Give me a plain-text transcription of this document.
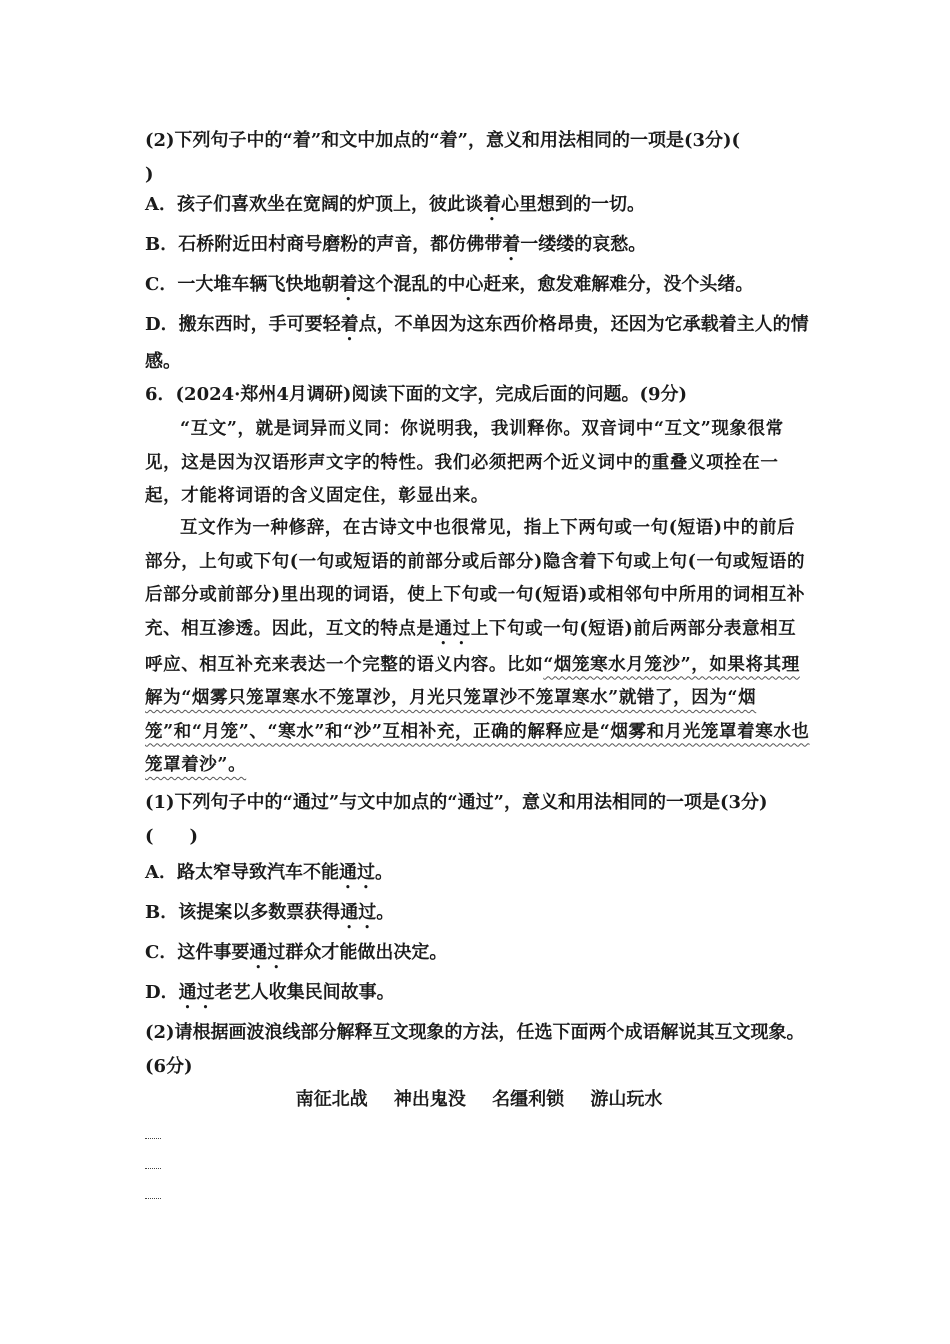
(2)下列句子中的“着”和文中加点的“着”，意义和用法相同的一项是(3分)(
)

A．孩子们喜欢坐在宽阔的炉顶上，彼此谈着心里想到的一切。

B．石桥附近田村商号磨粉的声音，都仿佛带着一缕缕的哀愁。

C．一大堆车辆飞快地朝着这个混乱的中心赶来，愈发难解难分，没个头绪。

D．搬东西时，手可要轻着点，不单因为这东西价格昂贵，还因为它承载着主人的情感。

6．(2024·郑州4月调研)阅读下面的文字，完成后面的问题。(9分)

“互文”，就是词异而义同：你说明我，我训释你。双音词中“互文”现象很常见，这是因为汉语形声文字的特性。我们必须把两个近义词中的重叠义项拴在一起，才能将词语的含义固定住，彰显出来。

互文作为一种修辞，在古诗文中也很常见，指上下两句或一句(短语)中的前后部分，上句或下句(一句或短语的前部分或后部分)隐含着下句或上句(一句或短语的后部分或前部分)里出现的词语，使上下句或一句(短语)或相邻句中所用的词相互补充、相互渗透。因此，互文的特点是通过上下句或一句(短语)前后两部分表意相互呼应、相互补充来表达一个完整的语义内容。比如“烟笼寒水月笼沙”，如果将其理解为“烟雾只笼罩寒水不笼罩沙，月光只笼罩沙不笼罩寒水”就错了，因为“烟笼”和“月笼”、“寒水”和“沙”互相补充，正确的解释应是“烟雾和月光笼罩着寒水也笼罩着沙”。

(1)下列句子中的“通过”与文中加点的“通过”，意义和用法相同的一项是(3分)(　　)

A．路太窄导致汽车不能通过。

B．该提案以多数票获得通过。

C．这件事要通过群众才能做出决定。

D．通过老艺人收集民间故事。

(2)请根据画波浪线部分解释互文现象的方法，任选下面两个成语解说其互文现象。(6分)

南征北战 神出鬼没 名缰利锁 游山玩水
